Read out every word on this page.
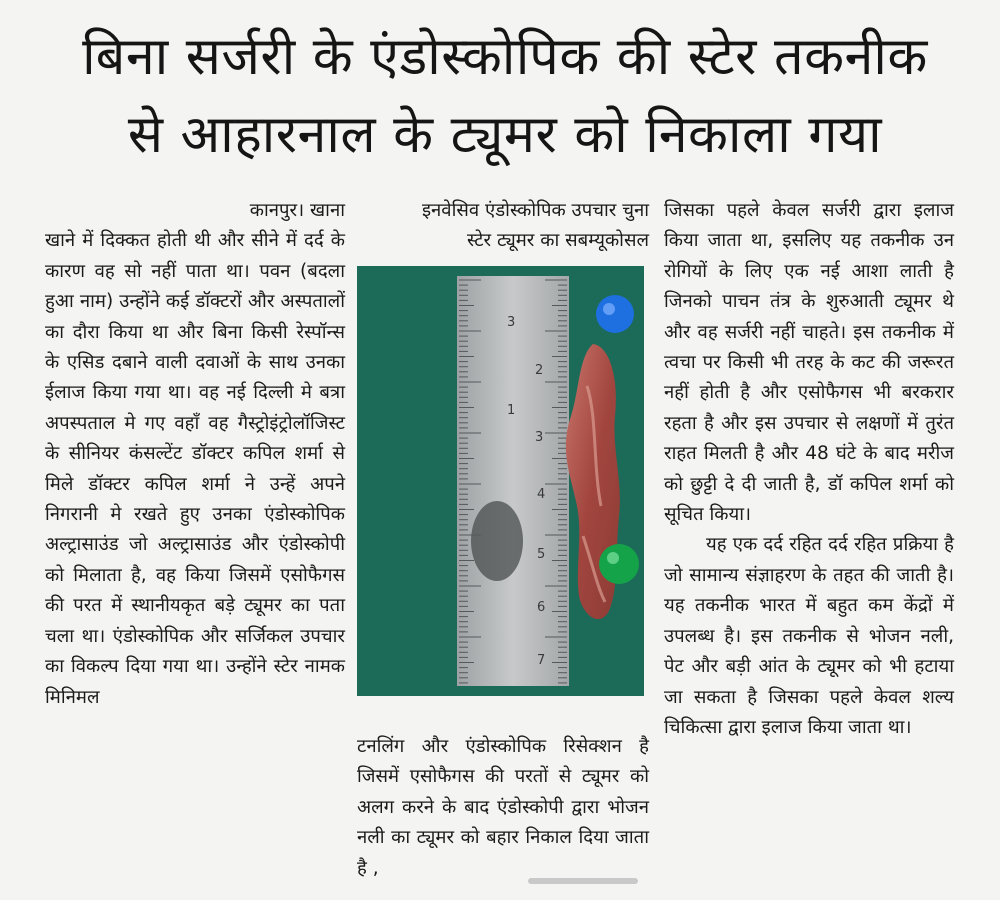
बिना सर्जरी के एंडोस्कोपिक की स्टेर तकनीक
से आहारनाल के ट्यूमर को निकाला गया

कानपुर। खाना

खाने में दिक्कत होती थी और सीने में दर्द के कारण वह सो नहीं पाता था। पवन (बदला हुआ नाम) उन्होंने कई डॉक्टरों और अस्पतालों का दौरा किया था और बिना किसी रेस्पॉन्स के एसिड दबाने वाली दवाओं के साथ उनका ईलाज किया गया था। वह नई दिल्ली मे बत्रा अपस्पताल मे गए वहाँ वह गैस्ट्रोइंट्रोलॉजिस्ट के सीनियर कंसल्टेंट डॉक्टर कपिल शर्मा से मिले डॉक्टर कपिल शर्मा ने उन्हें अपने निगरानी मे रखते हुए उनका एंडोस्कोपिक अल्ट्रासाउंड जो अल्ट्रासाउंड और एंडोस्कोपी को मिलाता है, वह किया जिसमें एसोफैगस की परत में स्थानीयकृत बड़े ट्यूमर का पता चला था। एंडोस्कोपिक और सर्जिकल उपचार का विकल्प दिया गया था। उन्होंने स्टेर नामक मिनिमल

इनवेसिव एंडोस्कोपिक उपचार चुना

स्टेर ट्यूमर का सबम्यूकोसल

टनलिंग और एंडोस्कोपिक रिसेक्शन है जिसमें एसोफैगस की परतों से ट्यूमर को अलग करने के बाद एंडोस्कोपी द्वारा भोजन नली का ट्यूमर को बहार निकाल दिया जाता है ,

3
2
1
3
4
5
6
7

जिसका पहले केवल सर्जरी द्वारा इलाज किया जाता था, इसलिए यह तकनीक उन रोगियों के लिए एक नई आशा लाती है जिनको पाचन तंत्र के शुरुआती ट्यूमर थे और वह सर्जरी नहीं चाहते। इस तकनीक में त्वचा पर किसी भी तरह के कट की जरूरत नहीं होती है और एसोफैगस भी बरकरार रहता है और इस उपचार से लक्षणों में तुरंत राहत मिलती है और 48 घंटे के बाद मरीज को छुट्टी दे दी जाती है, डॉ कपिल शर्मा को सूचित किया।

यह एक दर्द रहित दर्द रहित प्रक्रिया है जो सामान्य संज्ञाहरण के तहत की जाती है। यह तकनीक भारत में बहुत कम केंद्रों में उपलब्ध है। इस तकनीक से भोजन नली, पेट और बड़ी आंत के ट्यूमर को भी हटाया जा सकता है जिसका पहले केवल शल्य चिकित्सा द्वारा इलाज किया जाता था।
